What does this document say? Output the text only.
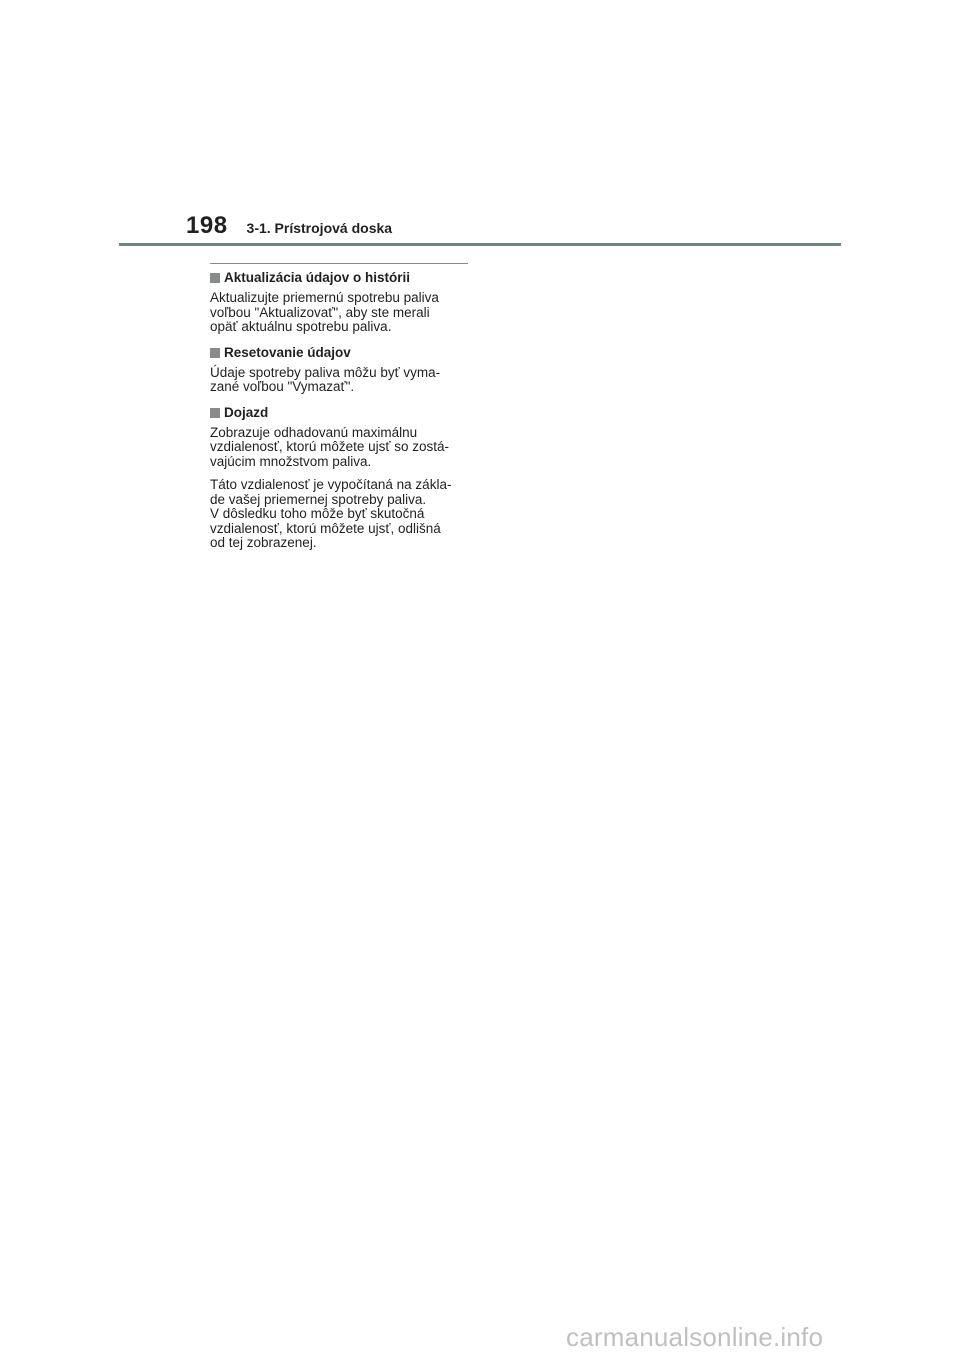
198 3-1. Prístrojová doska
Aktualizácia údajov o histórii

Aktualizujte priemernú spotrebu paliva
voľbou "Aktualizovať", aby ste merali
opäť aktuálnu spotrebu paliva.

Resetovanie údajov

Údaje spotreby paliva môžu byť vyma-
zané voľbou "Vymazať".

Dojazd

Zobrazuje odhadovanú maximálnu
vzdialenosť, ktorú môžete ujsť so zostá-
vajúcim množstvom paliva.

Táto vzdialenosť je vypočítaná na zákla-
de vašej priemernej spotreby paliva.
V dôsledku toho môže byť skutočná
vzdialenosť, ktorú môžete ujsť, odlišná
od tej zobrazenej.

carmanualsonline.info
